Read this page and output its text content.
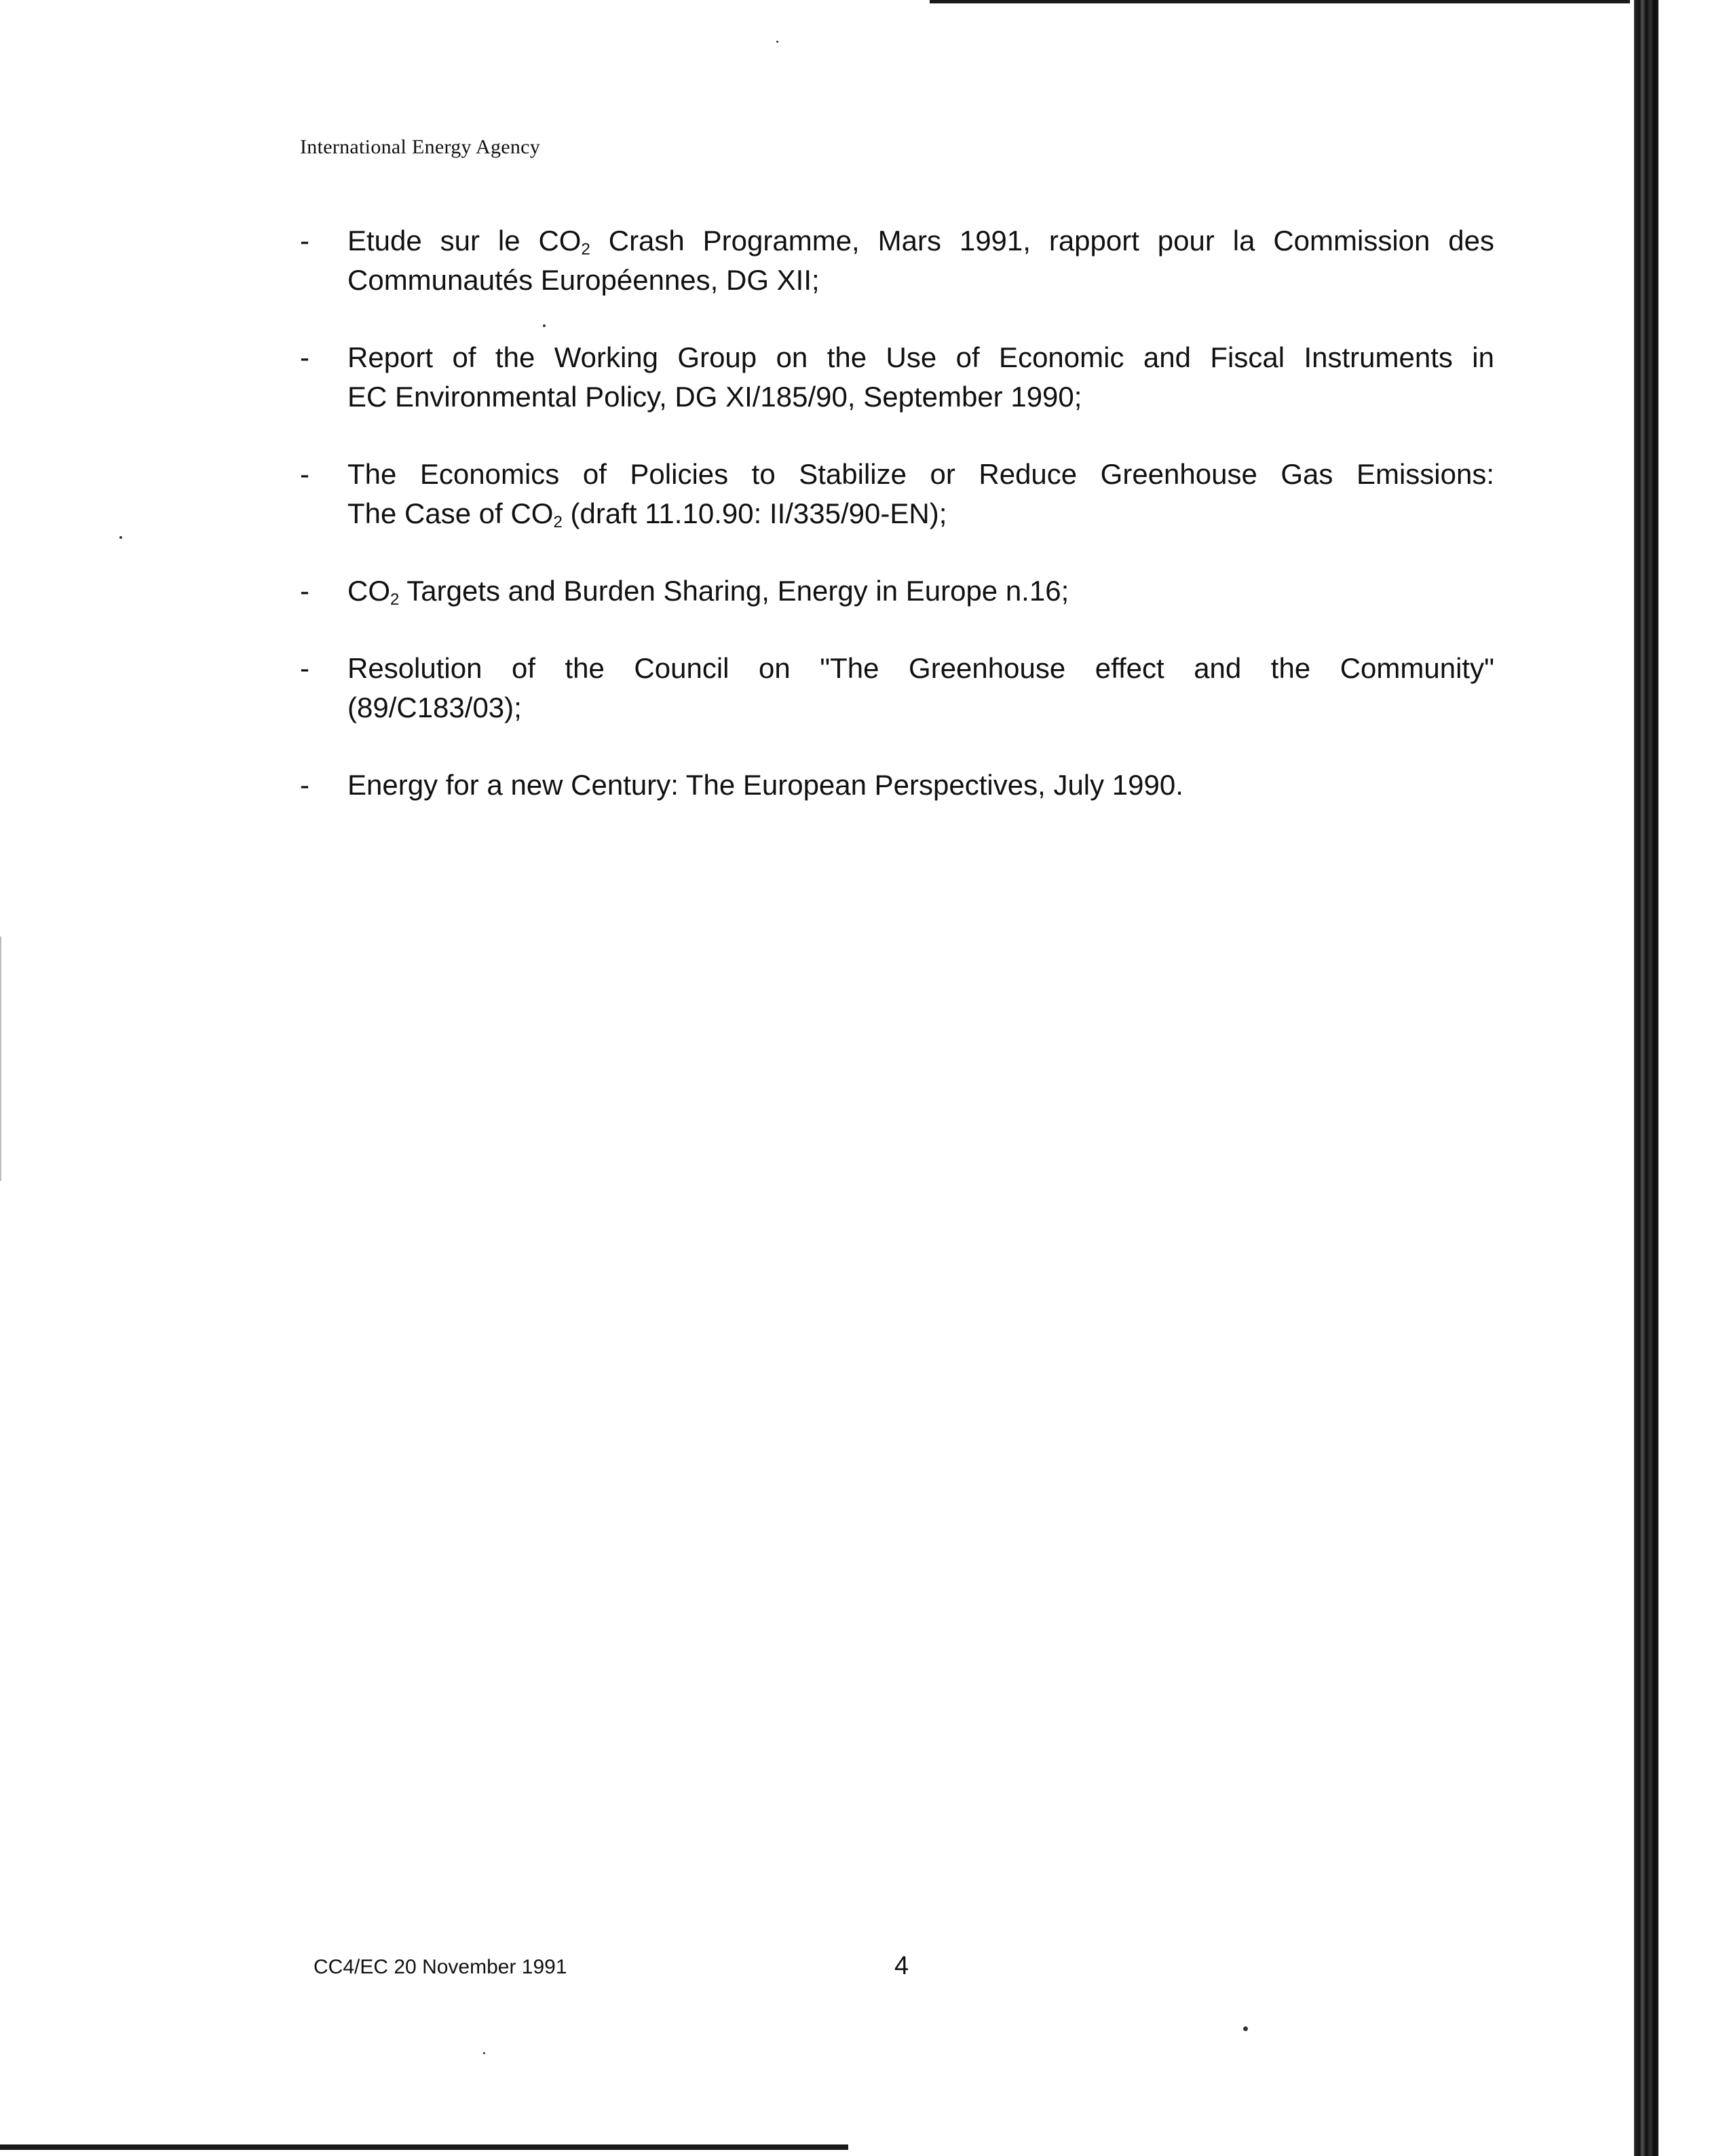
International Energy Agency
-	Etude sur le $CO_2$ Crash Programme, Mars 1991, rapport pour la Commission des
Communautés Européennes, DG XII;
-	Report of the Working Group on the Use of Economic and Fiscal Instruments in
EC Environmental Policy, DG XI/185/90, September 1990;
-	The Economics of Policies to Stabilize or Reduce Greenhouse Gas Emissions:
The Case of $CO_2$ (draft 11.10.90: II/335/90-EN);
-	$CO_2$ Targets and Burden Sharing, Energy in Europe n.16;
-	Resolution of the Council on "The Greenhouse effect and the Community"
(89/C183/03);
-	Energy for a new Century: The European Perspectives, July 1990.
CC4/EC 20 November 1991	4
